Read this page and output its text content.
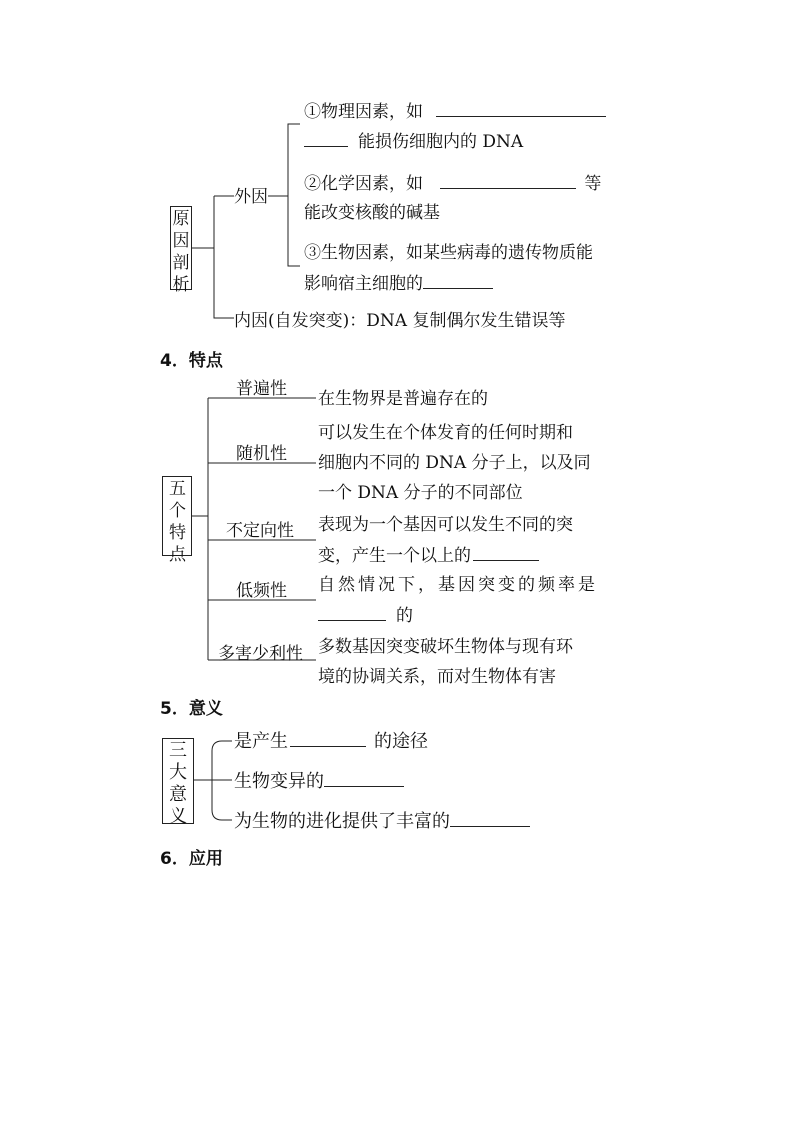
原因剖析
外因
①物理因素，如
能损伤细胞内的 DNA
②化学因素，如	等
能改变核酸的碱基
③生物因素，如某些病毒的遗传物质能
影响宿主细胞的
内因(自发突变)：DNA 复制偶尔发生错误等
4．特点
五个特点
普遍性 在生物界是普遍存在的
随机性
可以发生在个体发育的任何时期和
细胞内不同的 DNA 分子上，以及同
一个 DNA 分子的不同部位
不定向性 表现为一个基因可以发生不同的突
变，产生一个以上的
低频性 自然情况下，基因突变的频率是
的
多害少利性 多数基因突变破坏生物体与现有环
境的协调关系，而对生物体有害
5．意义
三大意义
是产生	的途径
生物变异的
为生物的进化提供了丰富的
6．应用
